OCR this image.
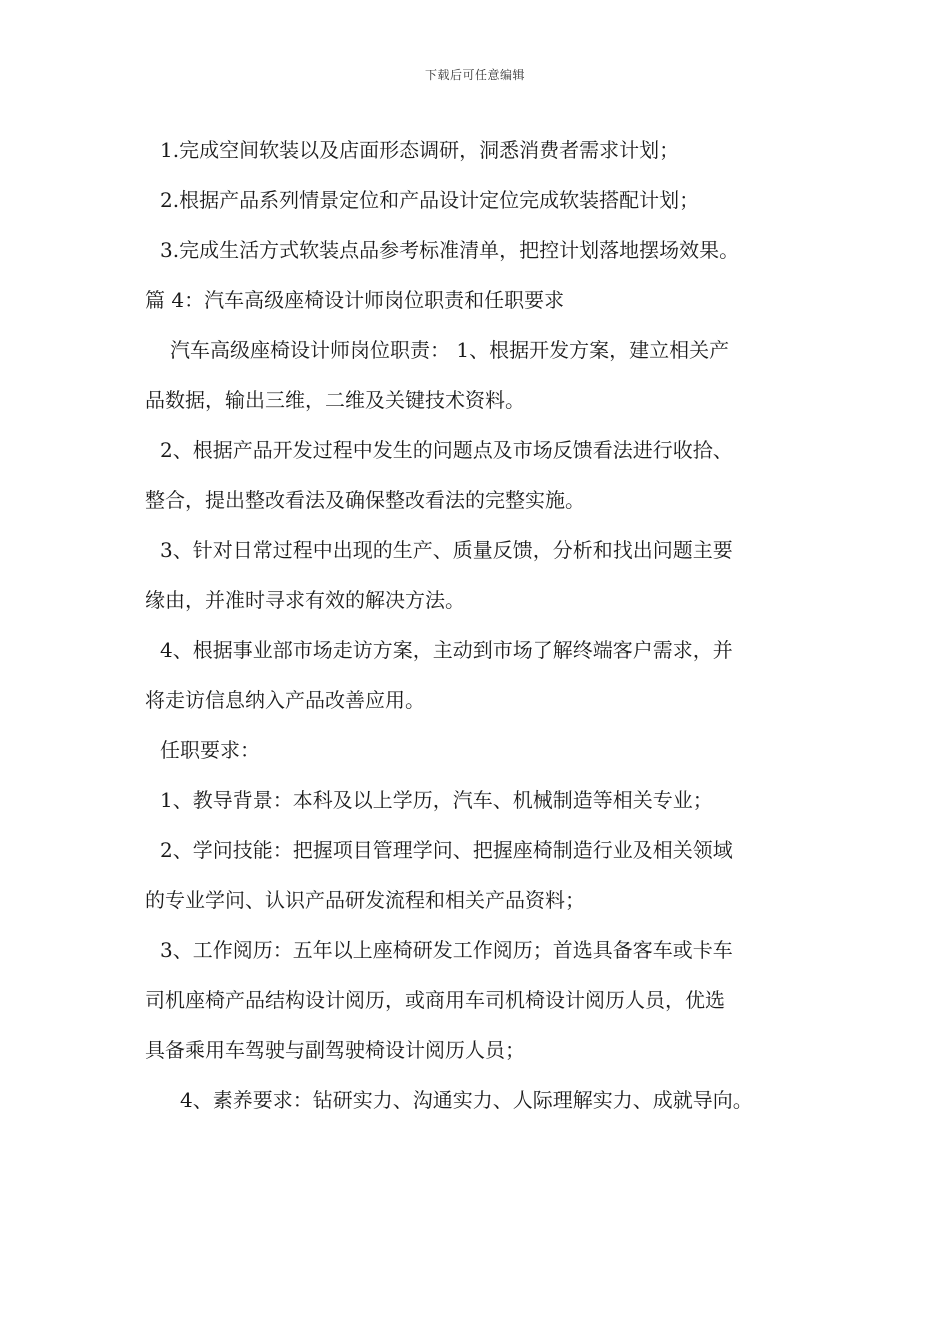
下载后可任意编辑
1.完成空间软装以及店面形态调研，洞悉消费者需求计划；
2.根据产品系列情景定位和产品设计定位完成软装搭配计划；
3.完成生活方式软装点品参考标准清单，把控计划落地摆场效果。
篇 4：汽车高级座椅设计师岗位职责和任职要求
汽车高级座椅设计师岗位职责： 1、根据开发方案，建立相关产
品数据，输出三维，二维及关键技术资料。
2、根据产品开发过程中发生的问题点及市场反馈看法进行收拾、
整合，提出整改看法及确保整改看法的完整实施。
3、针对日常过程中出现的生产、质量反馈，分析和找出问题主要
缘由，并准时寻求有效的解决方法。
4、根据事业部市场走访方案，主动到市场了解终端客户需求，并
将走访信息纳入产品改善应用。
任职要求：
1、教导背景：本科及以上学历，汽车、机械制造等相关专业；
2、学问技能：把握项目管理学问、把握座椅制造行业及相关领域
的专业学问、认识产品研发流程和相关产品资料；
3、工作阅历：五年以上座椅研发工作阅历；首选具备客车或卡车
司机座椅产品结构设计阅历，或商用车司机椅设计阅历人员，优选
具备乘用车驾驶与副驾驶椅设计阅历人员；
4、素养要求：钻研实力、沟通实力、人际理解实力、成就导向。
